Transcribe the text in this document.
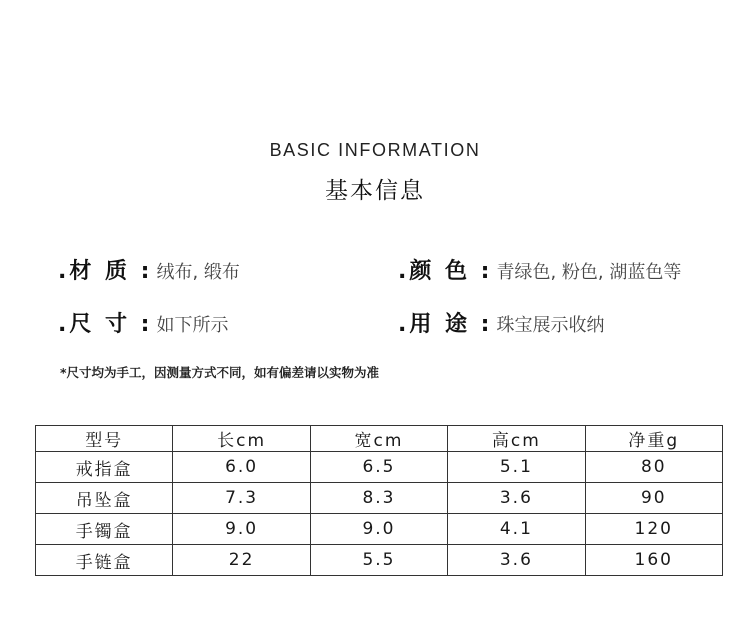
BASIC INFORMATION
基本信息
.材 质 : 绒布, 缎布	.颜 色 : 青绿色, 粉色, 湖蓝色等
.尺 寸 : 如下所示	.用 途 : 珠宝展示收纳
*尺寸均为手工，因测量方式不同，如有偏差请以实物为准
型号	长cm	宽cm	高cm	净重g
戒指盒	6.0	6.5	5.1	80
吊坠盒	7.3	8.3	3.6	90
手镯盒	9.0	9.0	4.1	120
手链盒	22	5.5	3.6	160
